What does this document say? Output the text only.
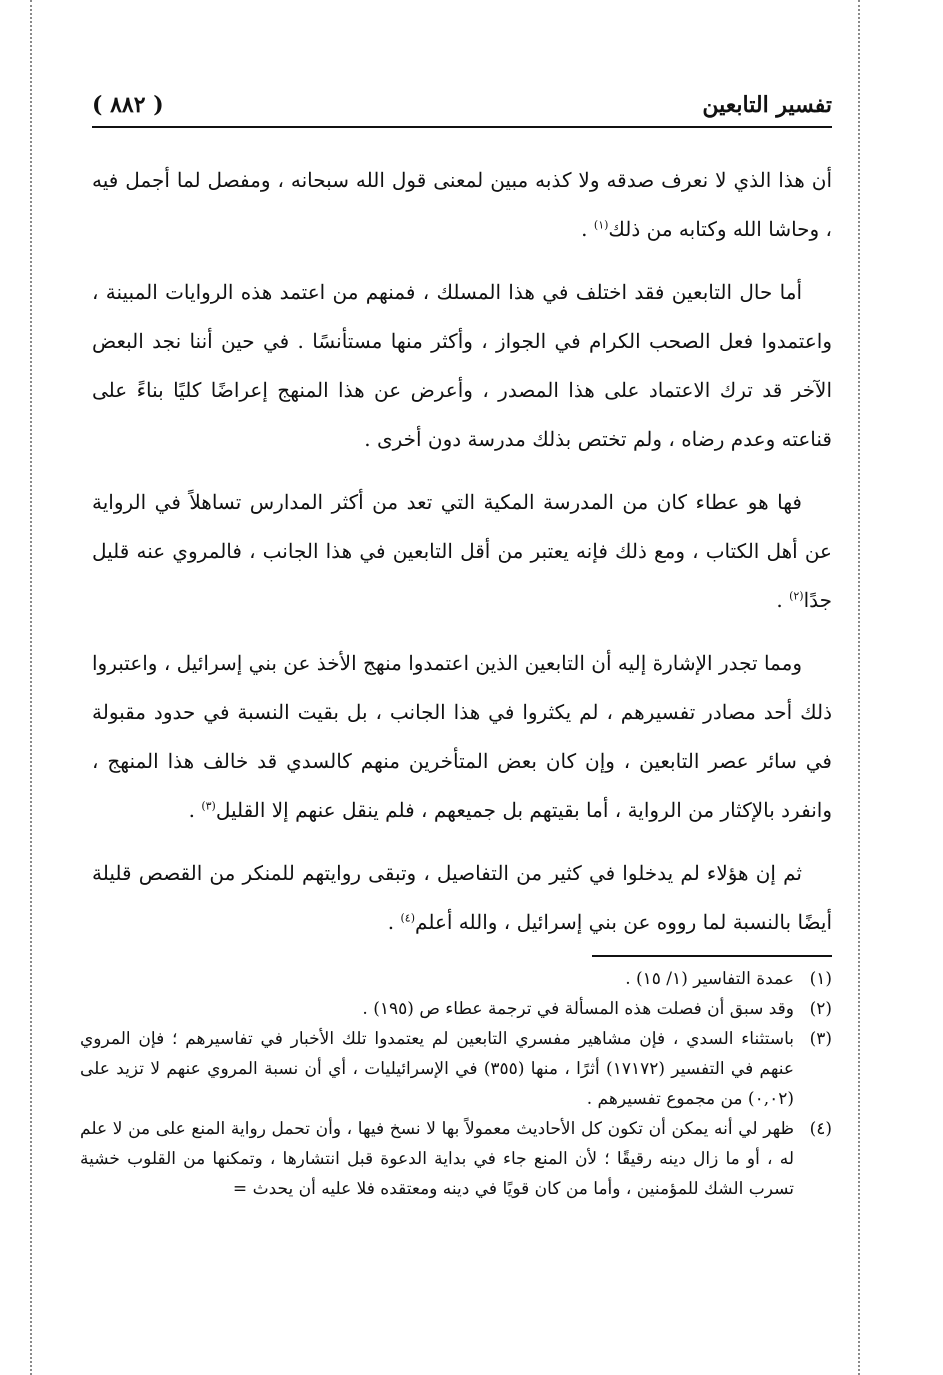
تفسير التابعين
( ٨٨٢ )

أن هذا الذي لا نعرف صدقه ولا كذبه مبين لمعنى قول الله سبحانه ، ومفصل لما أجمل فيه ، وحاشا الله وكتابه من ذلك$^{(١)}$ .

أما حال التابعين فقد اختلف في هذا المسلك ، فمنهم من اعتمد هذه الروايات المبينة ، واعتمدوا فعل الصحب الكرام في الجواز ، وأكثر منها مستأنسًا . في حين أننا نجد البعض الآخر قد ترك الاعتماد على هذا المصدر ، وأعرض عن هذا المنهج إعراضًا كليًا بناءً على قناعته وعدم رضاه ، ولم تختص بذلك مدرسة دون أخرى .

فها هو عطاء كان من المدرسة المكية التي تعد من أكثر المدارس تساهلاً في الرواية عن أهل الكتاب ، ومع ذلك فإنه يعتبر من أقل التابعين في هذا الجانب ، فالمروي عنه قليل جدًا$^{(٢)}$ .

ومما تجدر الإشارة إليه أن التابعين الذين اعتمدوا منهج الأخذ عن بني إسرائيل ، واعتبروا ذلك أحد مصادر تفسيرهم ، لم يكثروا في هذا الجانب ، بل بقيت النسبة في حدود مقبولة في سائر عصر التابعين ، وإن كان بعض المتأخرين منهم كالسدي قد خالف هذا المنهج ، وانفرد بالإكثار من الرواية ، أما بقيتهم بل جميعهم ، فلم ينقل عنهم إلا القليل$^{(٣)}$ .

ثم إن هؤلاء لم يدخلوا في كثير من التفاصيل ، وتبقى روايتهم للمنكر من القصص قليلة أيضًا بالنسبة لما رووه عن بني إسرائيل ، والله أعلم$^{(٤)}$ .

(١)
عمدة التفاسير (١/ ١٥) .
(٢)
وقد سبق أن فصلت هذه المسألة في ترجمة عطاء ص (١٩٥) .
(٣)
باستثناء السدي ، فإن مشاهير مفسري التابعين لم يعتمدوا تلك الأخبار في تفاسيرهم ؛ فإن المروي عنهم في التفسير (١٧١٧٢) أثرًا ، منها (٣٥٥) في الإسرائيليات ، أي أن نسبة المروي عنهم لا تزيد على (٠,٠٢) من مجموع تفسيرهم .
(٤)
ظهر لي أنه يمكن أن تكون كل الأحاديث معمولاً بها لا نسخ فيها ، وأن تحمل رواية المنع على من لا علم له ، أو ما زال دينه رقيقًا ؛ لأن المنع جاء في بداية الدعوة قبل انتشارها ، وتمكنها من القلوب خشية تسرب الشك للمؤمنين ، وأما من كان قويًا في دينه ومعتقده فلا عليه أن يحدث =
